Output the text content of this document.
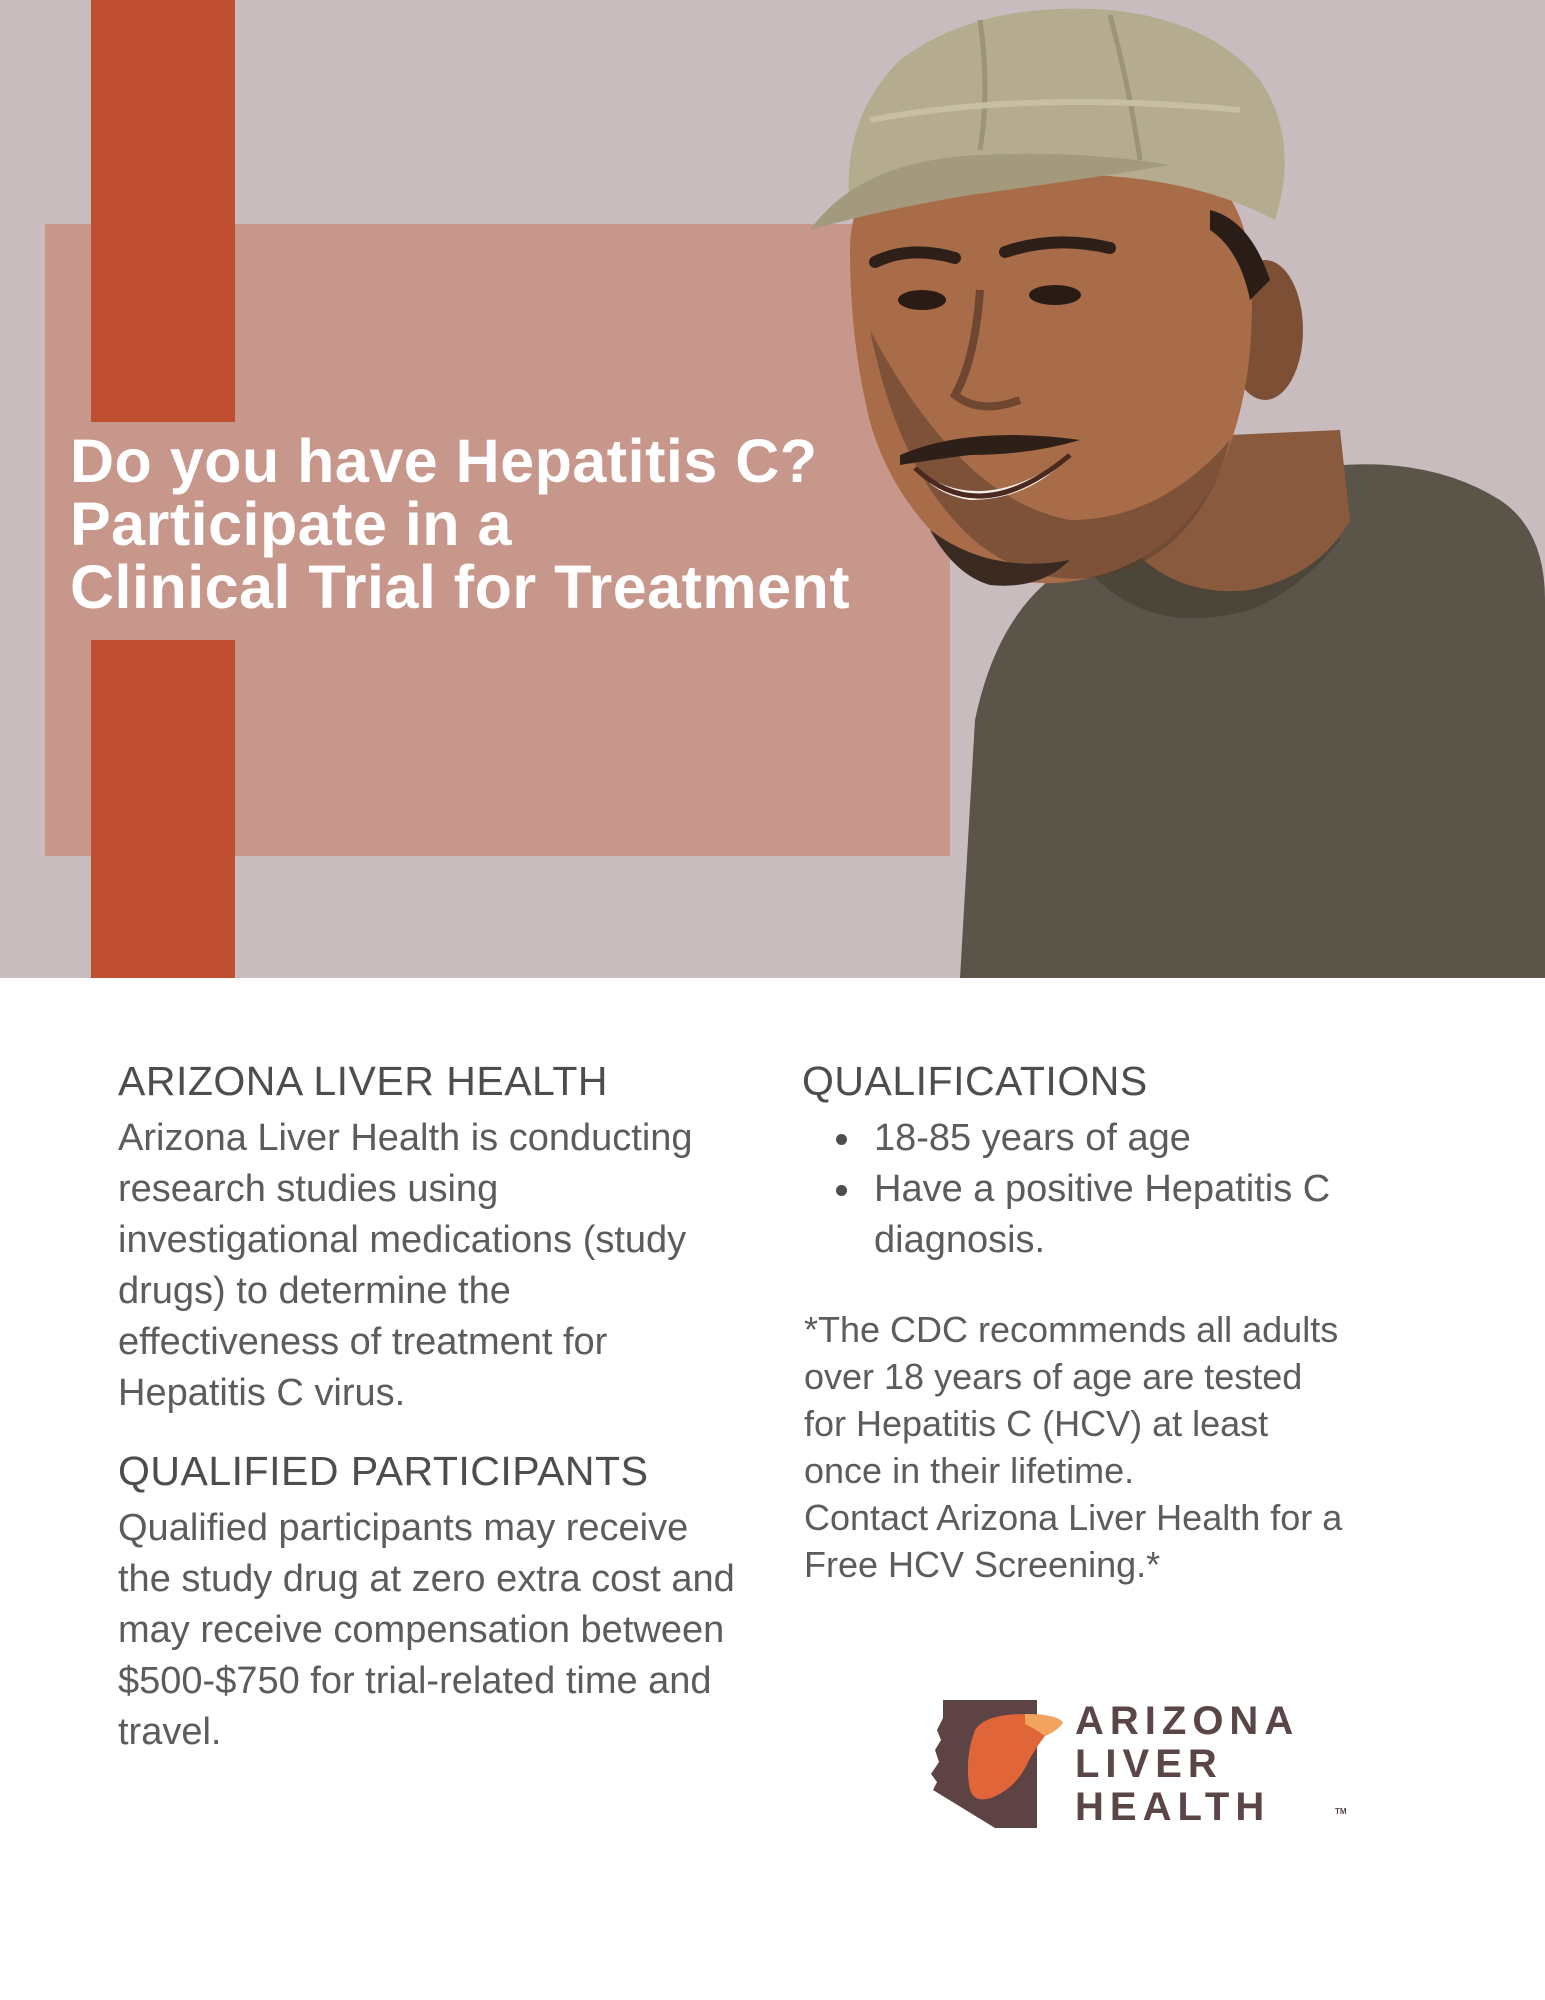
Do you have Hepatitis C?
Participate in a
Clinical Trial for Treatment
ARIZONA LIVER HEALTH

Arizona Liver Health is conducting research studies using investigational medications (study drugs) to determine the effectiveness of treatment for Hepatitis C virus.

QUALIFIED PARTICIPANTS

Qualified participants may receive the study drug at zero extra cost and may receive compensation between $500-$750 for trial-related time and travel.

QUALIFICATIONS
18-85 years of age
Have a positive Hepatitis C diagnosis.

*The CDC recommends all adults
over 18 years of age are tested
for Hepatitis C (HCV) at least
once in their lifetime.
Contact Arizona Liver Health for a
Free HCV Screening.*

ARIZONA
LIVER
HEALTH	TM
